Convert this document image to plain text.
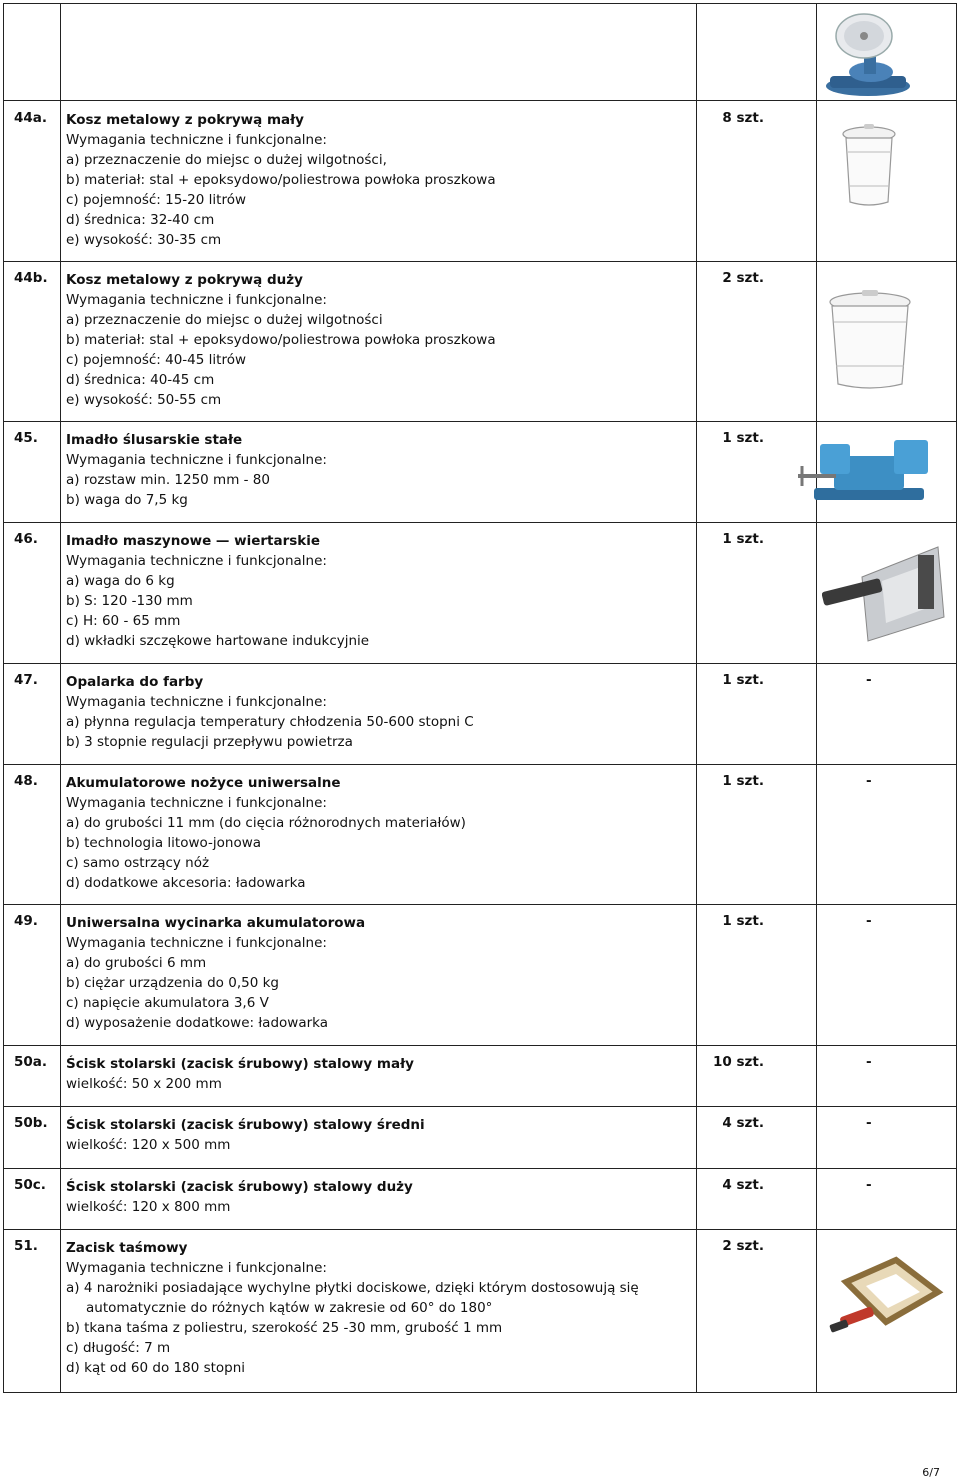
44a. Kosz metalowy z pokrywą mały
Wymagania techniczne i funkcjonalne:
a) przeznaczenie do miejsc o dużej wilgotności,
b) materiał: stal + epoksydowo/poliestrowa powłoka proszkowa
c) pojemność: 15-20 litrów
d) średnica: 32-40 cm
e) wysokość: 30-35 cm
8 szt.
44b. Kosz metalowy z pokrywą duży
Wymagania techniczne i funkcjonalne:
a) przeznaczenie do miejsc o dużej wilgotności
b) materiał: stal + epoksydowo/poliestrowa powłoka proszkowa
c) pojemność: 40-45 litrów
d) średnica: 40-45 cm
e) wysokość: 50-55 cm
2 szt.
45. Imadło ślusarskie stałe
Wymagania techniczne i funkcjonalne:
a) rozstaw min. 1250 mm - 80
b) waga do 7,5 kg
1 szt.
46. Imadło maszynowe — wiertarskie
Wymagania techniczne i funkcjonalne:
a) waga do 6 kg
b) S: 120 -130 mm
c) H: 60 - 65 mm
d) wkładki szczękowe hartowane indukcyjnie
1 szt.
47. Opalarka do farby
Wymagania techniczne i funkcjonalne:
a) płynna regulacja temperatury chłodzenia 50-600 stopni C
b) 3 stopnie regulacji przepływu powietrza
1 szt.	-
48. Akumulatorowe nożyce uniwersalne
Wymagania techniczne i funkcjonalne:
a) do grubości 11 mm (do cięcia różnorodnych materiałów)
b) technologia litowo-jonowa
c) samo ostrzący nóż
d) dodatkowe akcesoria: ładowarka
1 szt.	-
49. Uniwersalna wycinarka akumulatorowa
Wymagania techniczne i funkcjonalne:
a) do grubości 6 mm
b) ciężar urządzenia do 0,50 kg
c) napięcie akumulatora 3,6 V
d) wyposażenie dodatkowe: ładowarka
1 szt.	-
50a. Ścisk stolarski (zacisk śrubowy) stalowy mały
wielkość: 50 x 200 mm
10 szt.	-
50b. Ścisk stolarski (zacisk śrubowy) stalowy średni
wielkość: 120 x 500 mm
4 szt.	-
50c. Ścisk stolarski (zacisk śrubowy) stalowy duży
wielkość: 120 x 800 mm
4 szt.	-
51. Zacisk taśmowy
Wymagania techniczne i funkcjonalne:
a) 4 narożniki posiadające wychylne płytki dociskowe, dzięki którym dostosowują się
automatycznie do różnych kątów w zakresie od 60° do 180°
b) tkana taśma z poliestru, szerokość 25 -30 mm, grubość 1 mm
c) długość: 7 m
d) kąt od 60 do 180 stopni
2 szt.
6/7
